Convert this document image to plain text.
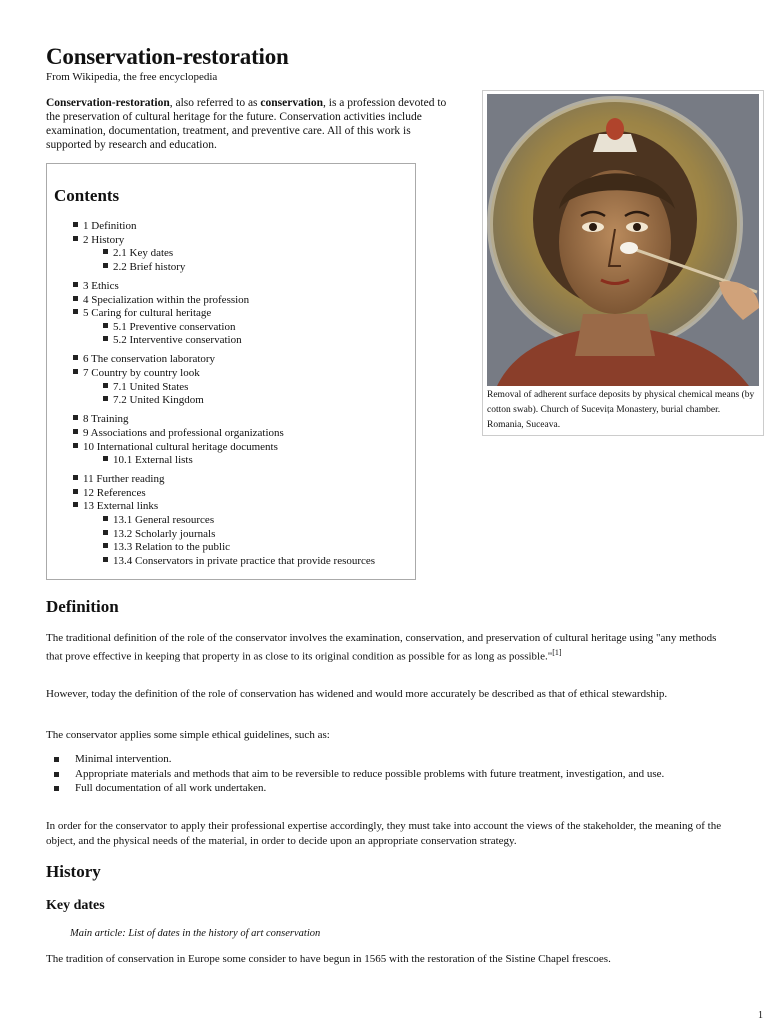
Conservation-restoration
From Wikipedia, the free encyclopedia
Conservation-restoration, also referred to as conservation, is a profession devoted to the preservation of cultural heritage for the future. Conservation activities include examination, documentation, treatment, and preventive care. All of this work is supported by research and education.
Contents
1 Definition
2 History
2.1 Key dates
2.2 Brief history
3 Ethics
4 Specialization within the profession
5 Caring for cultural heritage
5.1 Preventive conservation
5.2 Interventive conservation
6 The conservation laboratory
7 Country by country look
7.1 United States
7.2 United Kingdom
8 Training
9 Associations and professional organizations
10 International cultural heritage documents
10.1 External lists
11 Further reading
12 References
13 External links
13.1 General resources
13.2 Scholarly journals
13.3 Relation to the public
13.4 Conservators in private practice that provide resources
Removal of adherent surface deposits by physical chemical means (by cotton swab). Church of Sucevița Monastery, burial chamber. Romania, Suceava.
Definition
The traditional definition of the role of the conservator involves the examination, conservation, and preservation of cultural heritage using "any methods that prove effective in keeping that property in as close to its original condition as possible for as long as possible."[1]
However, today the definition of the role of conservation has widened and would more accurately be described as that of ethical stewardship.
The conservator applies some simple ethical guidelines, such as:
Minimal intervention.
Appropriate materials and methods that aim to be reversible to reduce possible problems with future treatment, investigation, and use.
Full documentation of all work undertaken.
In order for the conservator to apply their professional expertise accordingly, they must take into account the views of the stakeholder, the meaning of the object, and the physical needs of the material, in order to decide upon an appropriate conservation strategy.
History
Key dates
Main article: List of dates in the history of art conservation
The tradition of conservation in Europe some consider to have begun in 1565 with the restoration of the Sistine Chapel frescoes.
1
